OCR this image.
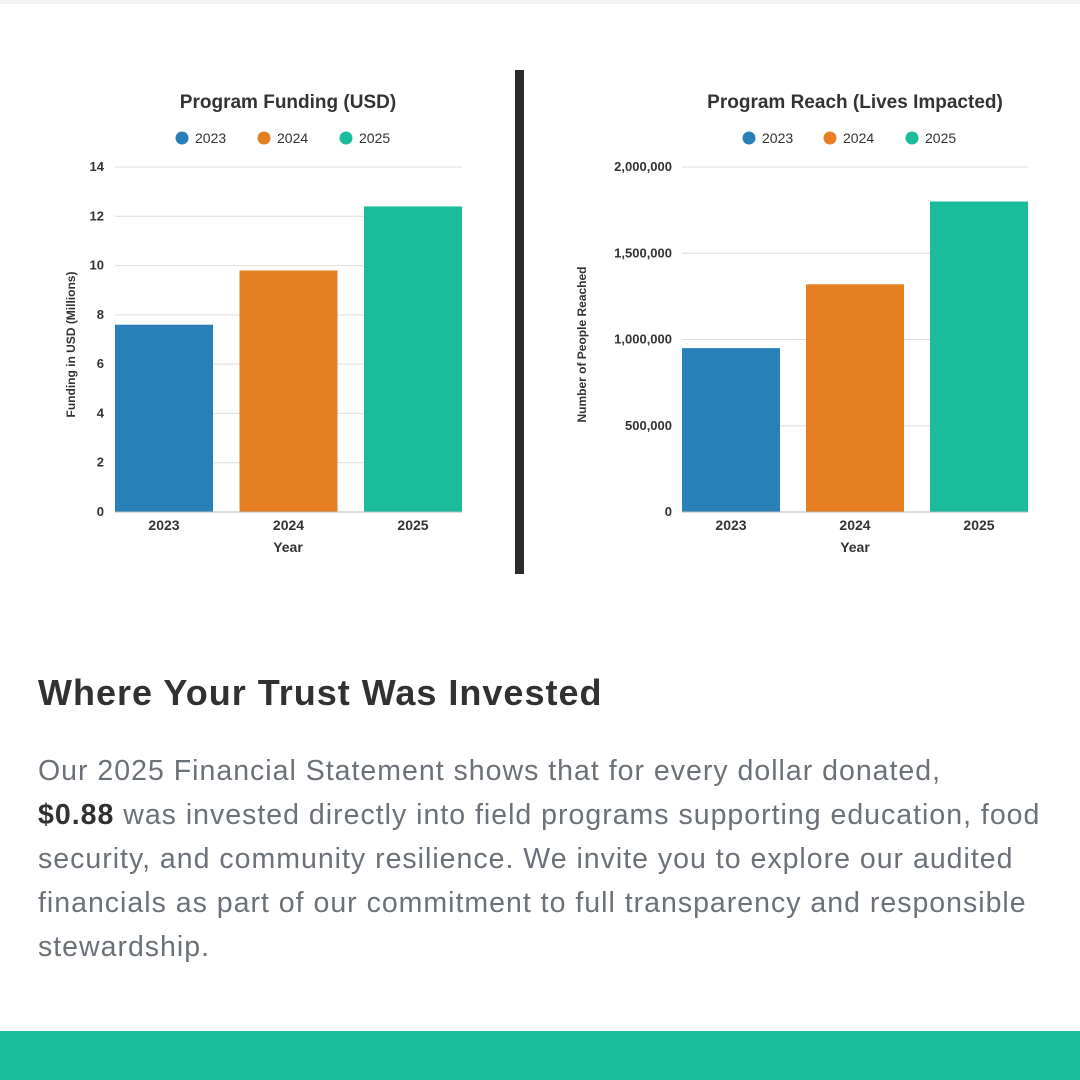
Program Funding (USD)
2023	2024	2025
0
2
4
6
8
10
12
14
2023	2024	2025
Year
Funding in USD (Millions)
Program Reach (Lives Impacted)
2023	2024	2025
0
500,000
1,000,000
1,500,000
2,000,000
2023	2024	2025
Year
Number of People Reached
Where Your Trust Was Invested

Our 2025 Financial Statement shows that for every dollar donated,
$0.88 was invested directly into field programs supporting education, food security, and community resilience. We invite you to explore our audited financials as part of our commitment to full transparency and responsible stewardship.
